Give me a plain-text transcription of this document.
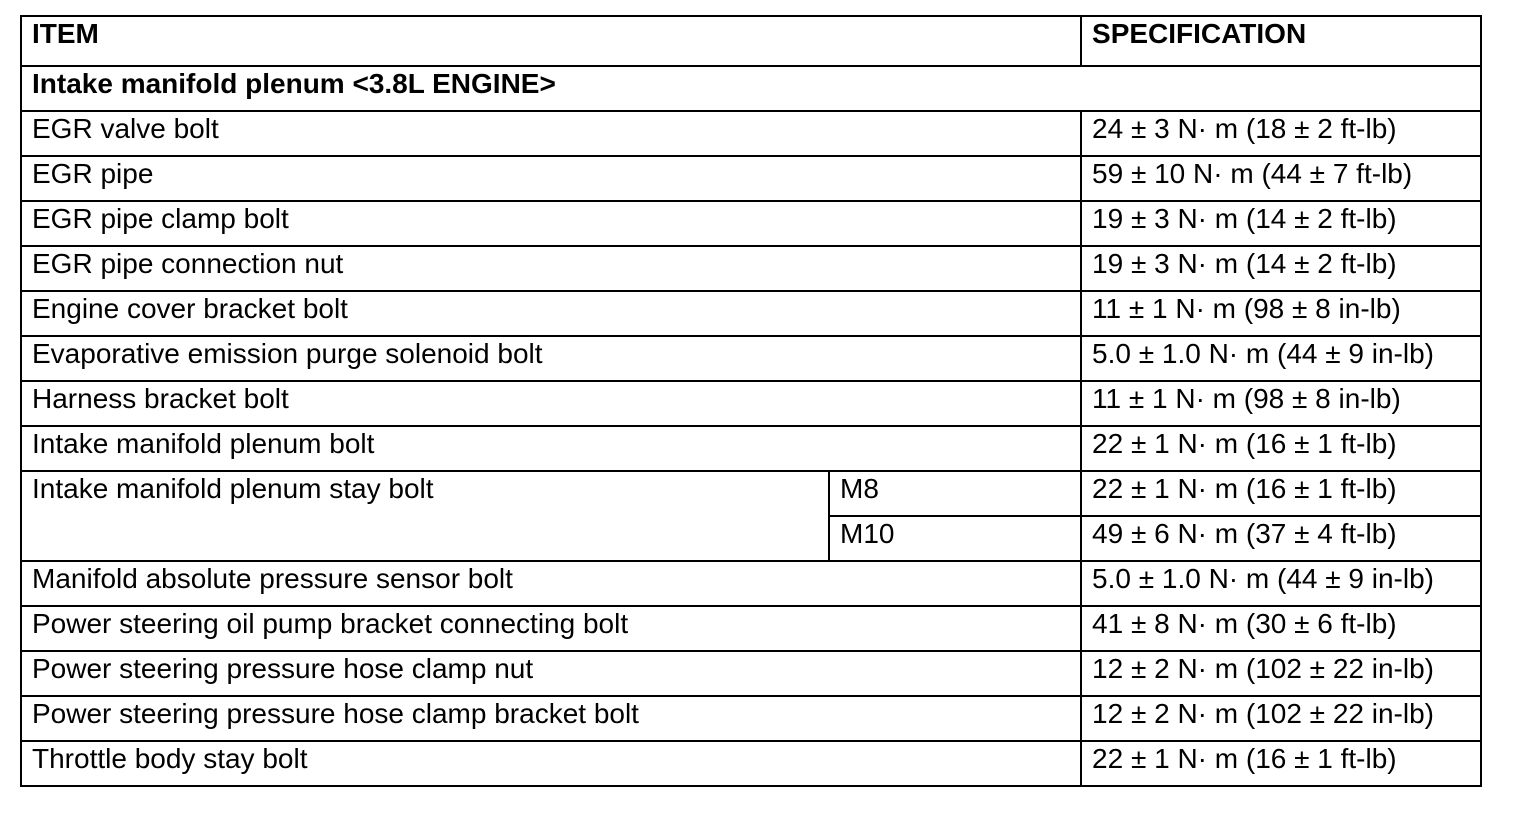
ITEM		SPECIFICATION
Intake manifold plenum <3.8L ENGINE>		
EGR valve bolt		24 ± 3 N· m (18 ± 2 ft-lb)
EGR pipe		59 ± 10 N· m (44 ± 7 ft-lb)
EGR pipe clamp bolt		19 ± 3 N· m (14 ± 2 ft-lb)
EGR pipe connection nut		19 ± 3 N· m (14 ± 2 ft-lb)
Engine cover bracket bolt		11 ± 1 N· m (98 ± 8 in-lb)
Evaporative emission purge solenoid bolt		5.0 ± 1.0 N· m (44 ± 9 in-lb)
Harness bracket bolt		11 ± 1 N· m (98 ± 8 in-lb)
Intake manifold plenum bolt		22 ± 1 N· m (16 ± 1 ft-lb)
Intake manifold plenum stay bolt	M8	22 ± 1 N· m (16 ± 1 ft-lb)
	M10	49 ± 6 N· m (37 ± 4 ft-lb)
Manifold absolute pressure sensor bolt		5.0 ± 1.0 N· m (44 ± 9 in-lb)
Power steering oil pump bracket connecting bolt		41 ± 8 N· m (30 ± 6 ft-lb)
Power steering pressure hose clamp nut		12 ± 2 N· m (102 ± 22 in-lb)
Power steering pressure hose clamp bracket bolt		12 ± 2 N· m (102 ± 22 in-lb)
Throttle body stay bolt		22 ± 1 N· m (16 ± 1 ft-lb)
